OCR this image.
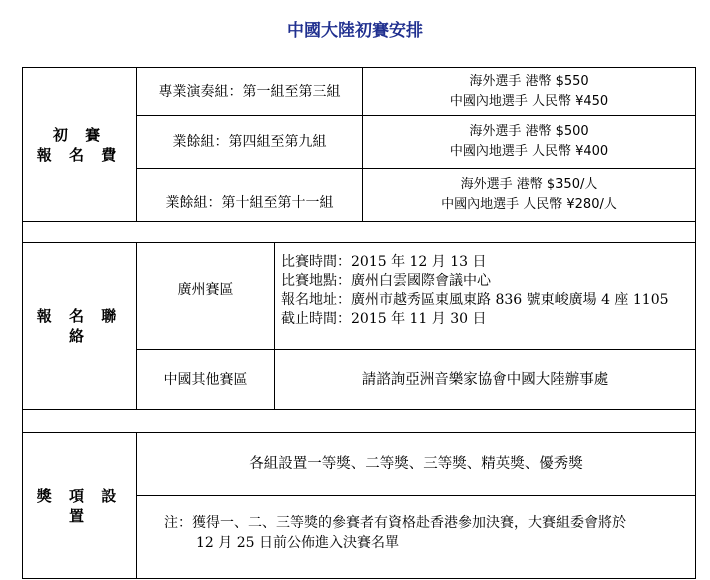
中國大陸初賽安排
初 賽
報 名 費
專業演奏組：第一組至第三組
海外選手 港幣 $550
中國內地選手 人民幣 ¥450
業餘組：第四組至第九組
海外選手 港幣 $500
中國內地選手 人民幣 ¥400
業餘組：第十組至第十一組
海外選手 港幣 $350/人
中國內地選手 人民幣 ¥280/人
報 名 聯 絡
廣州賽區
比賽時間：2015 年 12 月 13 日
比賽地點：廣州白雲國際會議中心
報名地址：廣州市越秀區東風東路 836 號東峻廣場 4 座 1105
截止時間：2015 年 11 月 30 日
中國其他賽區	請諮詢亞洲音樂家協會中國大陸辦事處
獎 項 設 置
各組設置一等獎、二等獎、三等獎、精英獎、優秀獎
注：獲得一、二、三等獎的參賽者有資格赴香港參加決賽，大賽組委會將於
12 月 25 日前公佈進入決賽名單
